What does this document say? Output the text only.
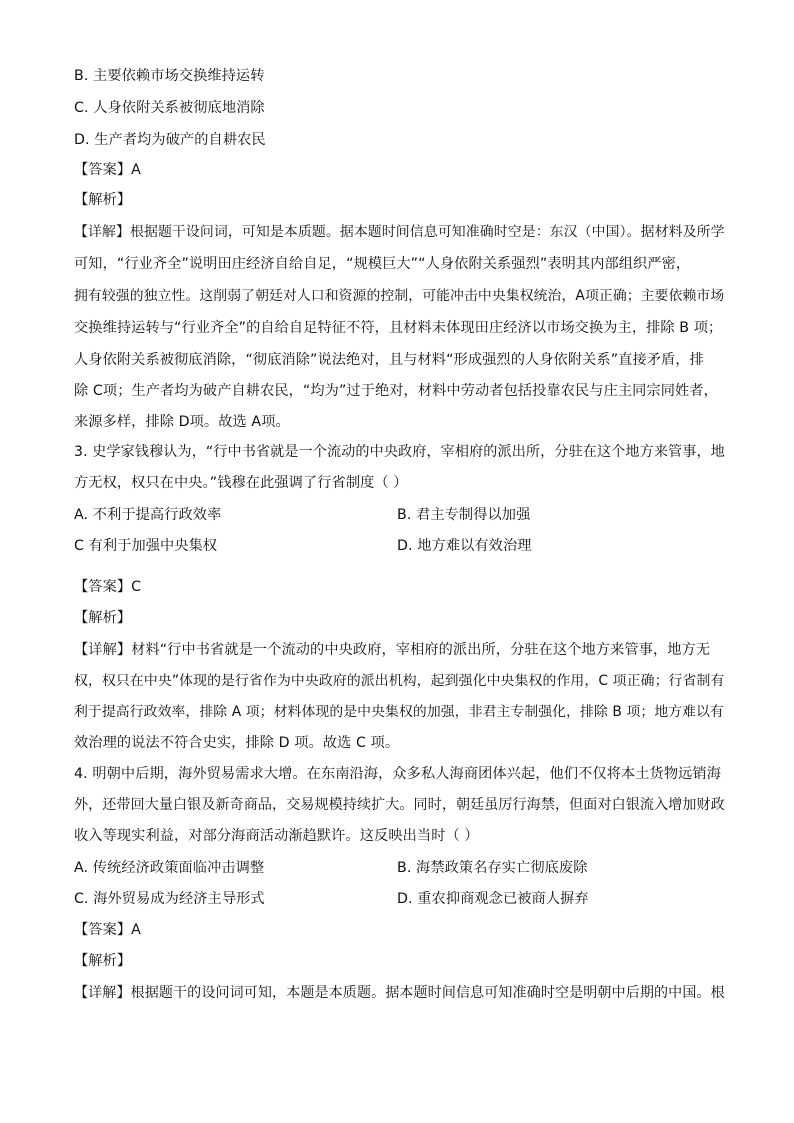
B. 主要依赖市场交换维持运转
C. 人身依附关系被彻底地消除
D. 生产者均为破产的自耕农民
【答案】A
【解析】
【详解】根据题干设问词，可知是本质题。据本题时间信息可知准确时空是：东汉（中国）。据材料及所学
可知，“行业齐全”说明田庄经济自给自足，“规模巨大”“人身依附关系强烈”表明其内部组织严密，
拥有较强的独立性。这削弱了朝廷对人口和资源的控制，可能冲击中央集权统治，A项正确；主要依赖市场
交换维持运转与“行业齐全”的自给自足特征不符，且材料未体现田庄经济以市场交换为主，排除 B 项；
人身依附关系被彻底消除，“彻底消除”说法绝对，且与材料“形成强烈的人身依附关系”直接矛盾，排
除 C项；生产者均为破产自耕农民，“均为”过于绝对，材料中劳动者包括投靠农民与庄主同宗同姓者，
来源多样，排除 D项。故选 A项。
3. 史学家钱穆认为，“行中书省就是一个流动的中央政府，宰相府的派出所，分驻在这个地方来管事，地
方无权，权只在中央。”钱穆在此强调了行省制度（ ）
A. 不利于提高行政效率	B. 君主专制得以加强
C 有利于加强中央集权	D. 地方难以有效治理
【答案】C
【解析】
【详解】材料“行中书省就是一个流动的中央政府，宰相府的派出所，分驻在这个地方来管事，地方无
权，权只在中央”体现的是行省作为中央政府的派出机构，起到强化中央集权的作用，C 项正确；行省制有
利于提高行政效率，排除 A 项；材料体现的是中央集权的加强，非君主专制强化，排除 B 项；地方难以有
效治理的说法不符合史实，排除 D 项。故选 C 项。
4. 明朝中后期，海外贸易需求大增。在东南沿海，众多私人海商团体兴起，他们不仅将本土货物远销海
外，还带回大量白银及新奇商品，交易规模持续扩大。同时，朝廷虽厉行海禁，但面对白银流入增加财政
收入等现实利益，对部分海商活动渐趋默许。这反映出当时（ ）
A. 传统经济政策面临冲击调整	B. 海禁政策名存实亡彻底废除
C. 海外贸易成为经济主导形式	D. 重农抑商观念已被商人摒弃
【答案】A
【解析】
【详解】根据题干的设问词可知，本题是本质题。据本题时间信息可知准确时空是明朝中后期的中国。根
